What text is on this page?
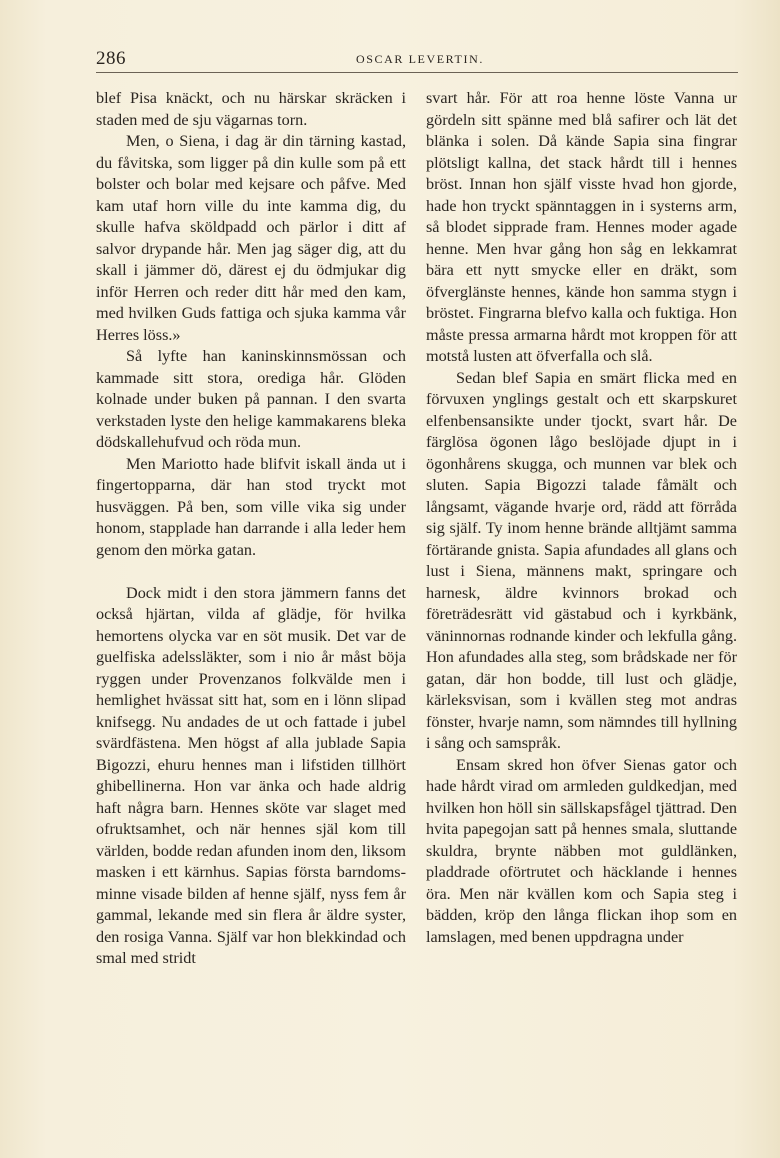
286	OSCAR LEVERTIN.

blef Pisa knäckt, och nu härskar skräcken i staden med de sju vägarnas torn.

Men, o Siena, i dag är din tärning kastad, du fåvitska, som ligger på din kulle som på ett bolster och bolar med kejsare och påfve. Med kam utaf horn ville du inte kamma dig, du skulle hafva sköldpadd och pärlor i ditt af salvor drypande hår. Men jag säger dig, att du skall i jämmer dö, därest ej du ödmjukar dig inför Herren och reder ditt hår med den kam, med hvilken Guds fattiga och sjuka kamma vår Herres löss.»

Så lyfte han kaninskinnsmössan och kammade sitt stora, orediga hår. Glöden kolnade under buken på pannan. I den svarta verkstaden lyste den helige kammakarens bleka dödskallehufvud och röda mun.

Men Mariotto hade blifvit iskall ända ut i fingertopparna, där han stod tryckt mot husväggen. På ben, som ville vika sig under honom, stapplade han darrande i alla leder hem genom den mörka gatan.

Dock midt i den stora jämmern fanns det också hjärtan, vilda af glädje, för hvilka hemortens olycka var en söt musik. Det var de guelfiska adelssläkter, som i nio år måst böja ryggen under Provenzanos folkvälde men i hemlighet hvässat sitt hat, som en i lönn slipad knifsegg. Nu andades de ut och fattade i jubel svärdfästena. Men högst af alla jublade Sapia Bigozzi, ehuru hennes man i lifstiden tillhört ghibellinerna. Hon var änka och hade aldrig haft några barn. Hennes sköte var slaget med ofruktsamhet, och när hennes själ kom till världen, bodde redan afunden inom den, liksom masken i ett kärnhus. Sapias första barndomsminne visade bilden af henne själf, nyss fem år gammal, lekande med sin flera år äldre syster, den rosiga Vanna. Själf var hon blekkindad och smal med stridt

svart hår. För att roa henne löste Vanna ur gördeln sitt spänne med blå safirer och lät det blänka i solen. Då kände Sapia sina fingrar plötsligt kallna, det stack hårdt till i hennes bröst. Innan hon själf visste hvad hon gjorde, hade hon tryckt spänntaggen in i systerns arm, så blodet sipprade fram. Hennes moder agade henne. Men hvar gång hon såg en lekkamrat bära ett nytt smycke eller en dräkt, som öfverglänste hennes, kände hon samma stygn i bröstet. Fingrarna blefvo kalla och fuktiga. Hon måste pressa armarna hårdt mot kroppen för att motstå lusten att öfverfalla och slå.

Sedan blef Sapia en smärt flicka med en förvuxen ynglings gestalt och ett skarpskuret elfenbensansikte under tjockt, svart hår. De färglösa ögonen lågo beslöjade djupt in i ögonhårens skugga, och munnen var blek och sluten. Sapia Bigozzi talade fåmält och långsamt, vägande hvarje ord, rädd att förråda sig själf. Ty inom henne brände alltjämt samma förtärande gnista. Sapia afundades all glans och lust i Siena, männens makt, springare och harnesk, äldre kvinnors brokad och företrädesrätt vid gästabud och i kyrkbänk, väninnornas rodnande kinder och lekfulla gång. Hon afundades alla steg, som brådskade ner för gatan, där hon bodde, till lust och glädje, kärleksvisan, som i kvällen steg mot andras fönster, hvarje namn, som nämndes till hyllning i sång och samspråk.

Ensam skred hon öfver Sienas gator och hade hårdt virad om armleden guldkedjan, med hvilken hon höll sin sällskapsfågel tjättrad. Den hvita papegojan satt på hennes smala, sluttande skuldra, brynte näbben mot guldlänken, pladdrade oförtrutet och häcklande i hennes öra. Men när kvällen kom och Sapia steg i bädden, kröp den långa flickan ihop som en lamslagen, med benen uppdragna under
